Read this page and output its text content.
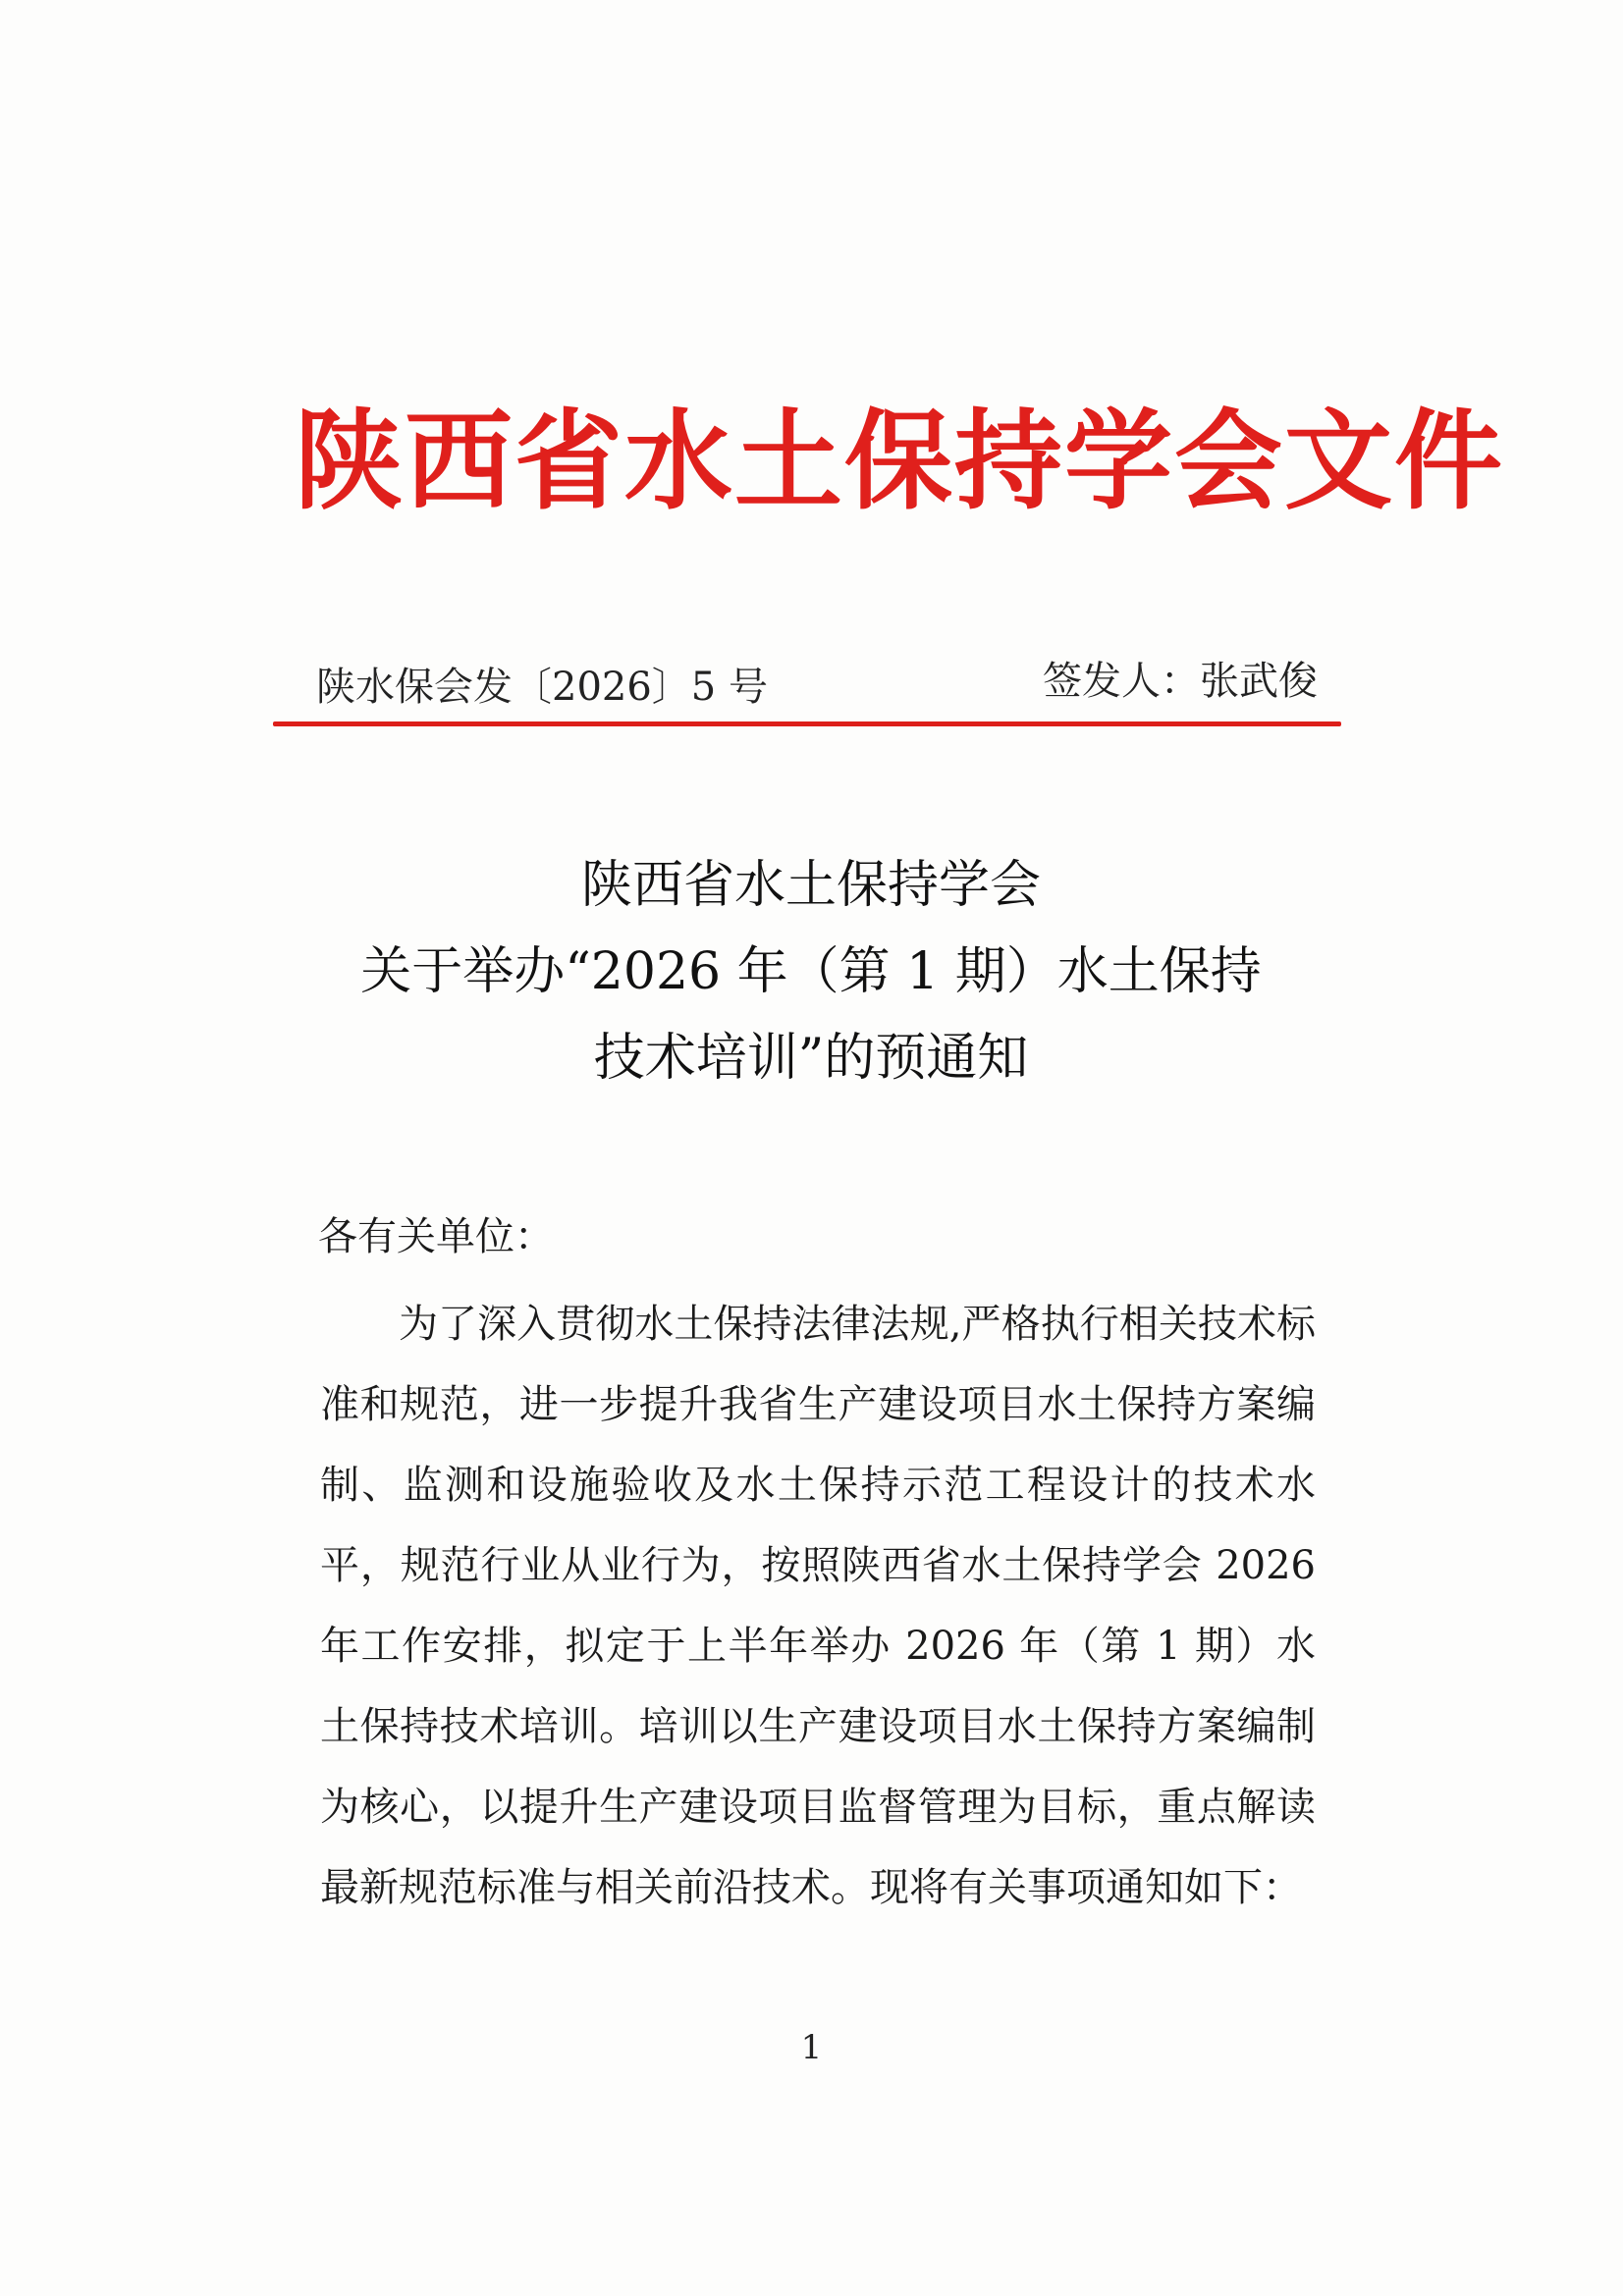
陕西省水土保持学会文件
陕水保会发〔2026〕5 号	签发人：张武俊
陕西省水土保持学会
关于举办“2026 年（第 1 期）水土保持
技术培训”的预通知
各有关单位：
为了深入贯彻水土保持法律法规,严格执行相关技术标准和规范，进一步提升我省生产建设项目水土保持方案编制、监测和设施验收及水土保持示范工程设计的技术水平，规范行业从业行为，按照陕西省水土保持学会 2026 年工作安排，拟定于上半年举办 2026 年（第 1 期）水土保持技术培训。培训以生产建设项目水土保持方案编制为核心，以提升生产建设项目监督管理为目标，重点解读最新规范标准与相关前沿技术。现将有关事项通知如下：
1
